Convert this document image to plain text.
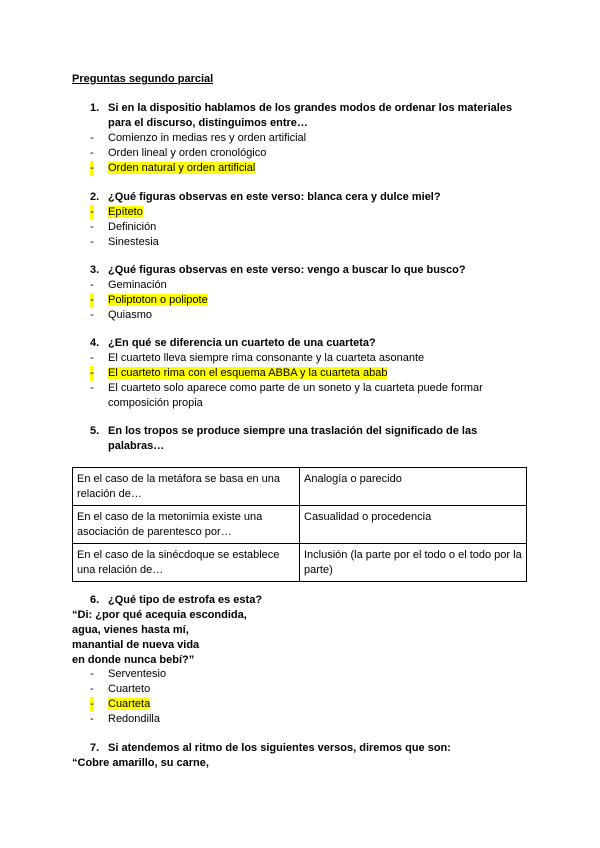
Preguntas segundo parcial
1. Si en la dispositio hablamos de los grandes modos de ordenar los materiales para el discurso, distinguimos entre…
- Comienzo in medias res y orden artificial
- Orden lineal y orden cronológico
- Orden natural y orden artificial
2. ¿Qué figuras observas en este verso: blanca cera y dulce miel?
- Epíteto
- Definición
- Sinestesia
3. ¿Qué figuras observas en este verso: vengo a buscar lo que busco?
- Geminación
- Poliptoton o polipote
- Quiasmo
4. ¿En qué se diferencia un cuarteto de una cuarteta?
- El cuarteto lleva siempre rima consonante y la cuarteta asonante
- El cuarteto rima con el esquema ABBA y la cuarteta abab
- El cuarteto solo aparece como parte de un soneto y la cuarteta puede formar composición propia
5. En los tropos se produce siempre una traslación del significado de las palabras…
En el caso de la metáfora se basa en una relación de…	Analogía o parecido
En el caso de la metonimia existe una asociación de parentesco por…	Casualidad o procedencia
En el caso de la sinécdoque se establece una relación de…	Inclusión (la parte por el todo o el todo por la parte)
6. ¿Qué tipo de estrofa es esta?
“Di: ¿por qué acequia escondida,
agua, vienes hasta mí,
manantial de nueva vida
en donde nunca bebí?”
- Serventesio
- Cuarteto
- Cuarteta
- Redondilla
7. Si atendemos al ritmo de los siguientes versos, diremos que son:
“Cobre amarillo, su carne,
